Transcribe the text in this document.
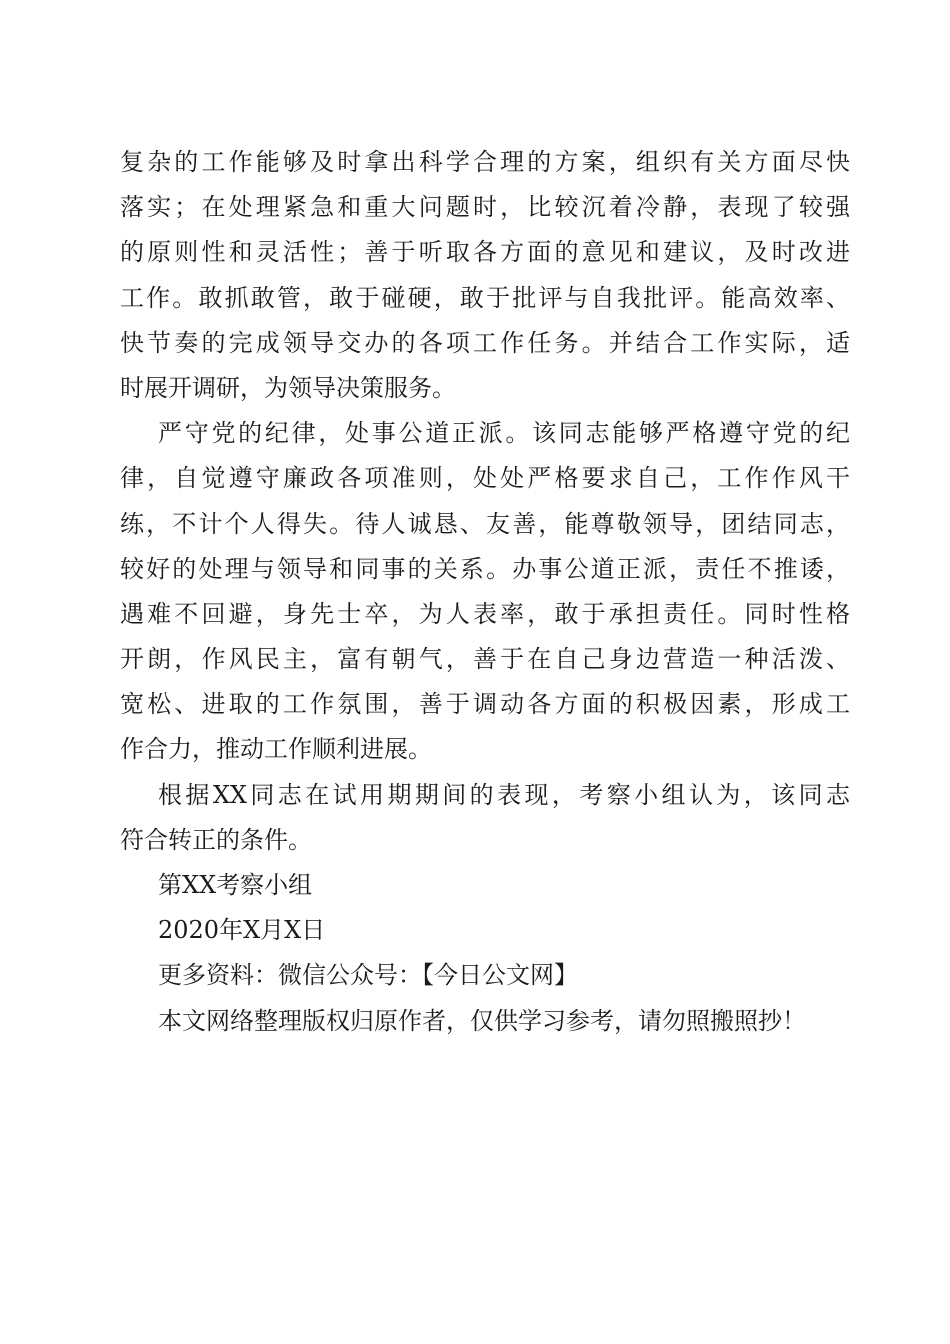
复杂的工作能够及时拿出科学合理的方案，组织有关方面尽快
落实；在处理紧急和重大问题时，比较沉着冷静，表现了较强
的原则性和灵活性；善于听取各方面的意见和建议，及时改进
工作。敢抓敢管，敢于碰硬，敢于批评与自我批评。能高效率、
快节奏的完成领导交办的各项工作任务。并结合工作实际，适
时展开调研，为领导决策服务。
严守党的纪律，处事公道正派。该同志能够严格遵守党的纪
律，自觉遵守廉政各项准则，处处严格要求自己，工作作风干
练，不计个人得失。待人诚恳、友善，能尊敬领导，团结同志，
较好的处理与领导和同事的关系。办事公道正派，责任不推诿，
遇难不回避，身先士卒，为人表率，敢于承担责任。同时性格
开朗，作风民主，富有朝气，善于在自己身边营造一种活泼、
宽松、进取的工作氛围，善于调动各方面的积极因素，形成工
作合力，推动工作顺利进展。
根据XX同志在试用期期间的表现，考察小组认为，该同志
符合转正的条件。
第XX考察小组
2020年X月X日
更多资料：微信公众号：【今日公文网】
本文网络整理版权归原作者，仅供学习参考，请勿照搬照抄！
